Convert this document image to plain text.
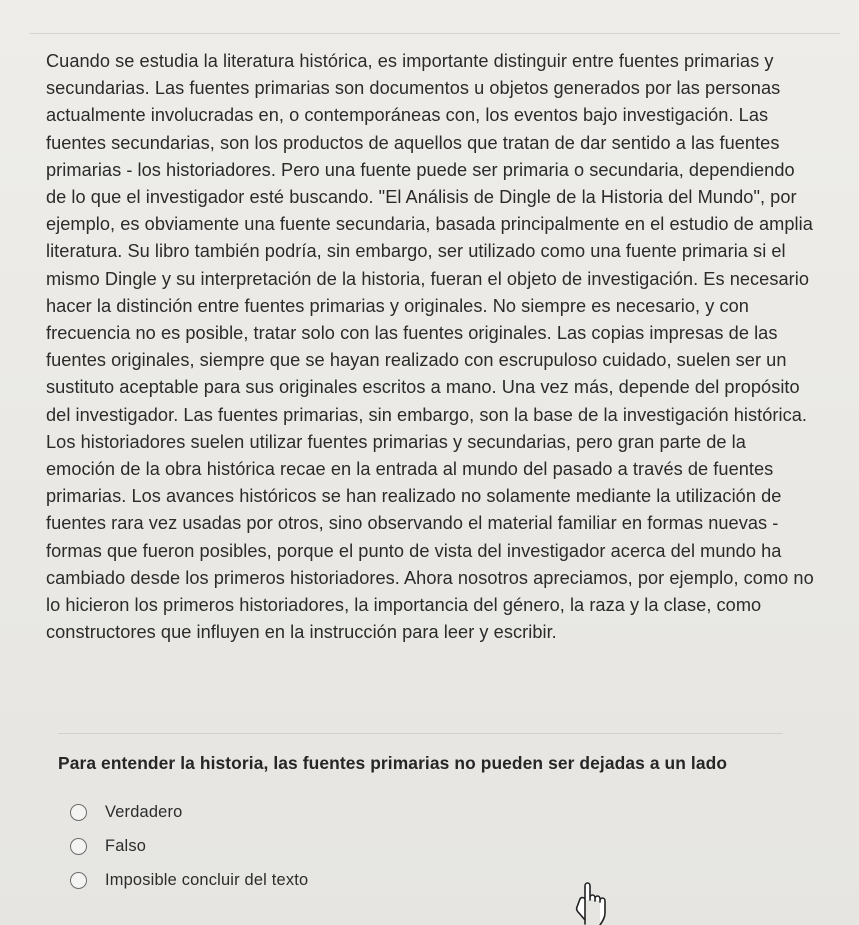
Cuando se estudia la literatura histórica, es importante distinguir entre fuentes primarias y secundarias. Las fuentes primarias son documentos u objetos generados por las personas actualmente involucradas en, o contemporáneas con, los eventos bajo investigación. Las fuentes secundarias, son los productos de aquellos que tratan de dar sentido a las fuentes primarias - los historiadores. Pero una fuente puede ser primaria o secundaria, dependiendo de lo que el investigador esté buscando. "El Análisis de Dingle de la Historia del Mundo", por ejemplo, es obviamente una fuente secundaria, basada principalmente en el estudio de amplia literatura. Su libro también podría, sin embargo, ser utilizado como una fuente primaria si el mismo Dingle y su interpretación de la historia, fueran el objeto de investigación. Es necesario hacer la distinción entre fuentes primarias y originales. No siempre es necesario, y con frecuencia no es posible, tratar solo con las fuentes originales. Las copias impresas de las fuentes originales, siempre que se hayan realizado con escrupuloso cuidado, suelen ser un sustituto aceptable para sus originales escritos a mano. Una vez más, depende del propósito del investigador. Las fuentes primarias, sin embargo, son la base de la investigación histórica. Los historiadores suelen utilizar fuentes primarias y secundarias, pero gran parte de la emoción de la obra histórica recae en la entrada al mundo del pasado a través de fuentes primarias. Los avances históricos se han realizado no solamente mediante la utilización de fuentes rara vez usadas por otros, sino observando el material familiar en formas nuevas - formas que fueron posibles, porque el punto de vista del investigador acerca del mundo ha cambiado desde los primeros historiadores. Ahora nosotros apreciamos, por ejemplo, como no lo hicieron los primeros historiadores, la importancia del género, la raza y la clase, como constructores que influyen en la instrucción para leer y escribir.

Para entender la historia, las fuentes primarias no pueden ser dejadas a un lado

Verdadero
Falso
Imposible concluir del texto
